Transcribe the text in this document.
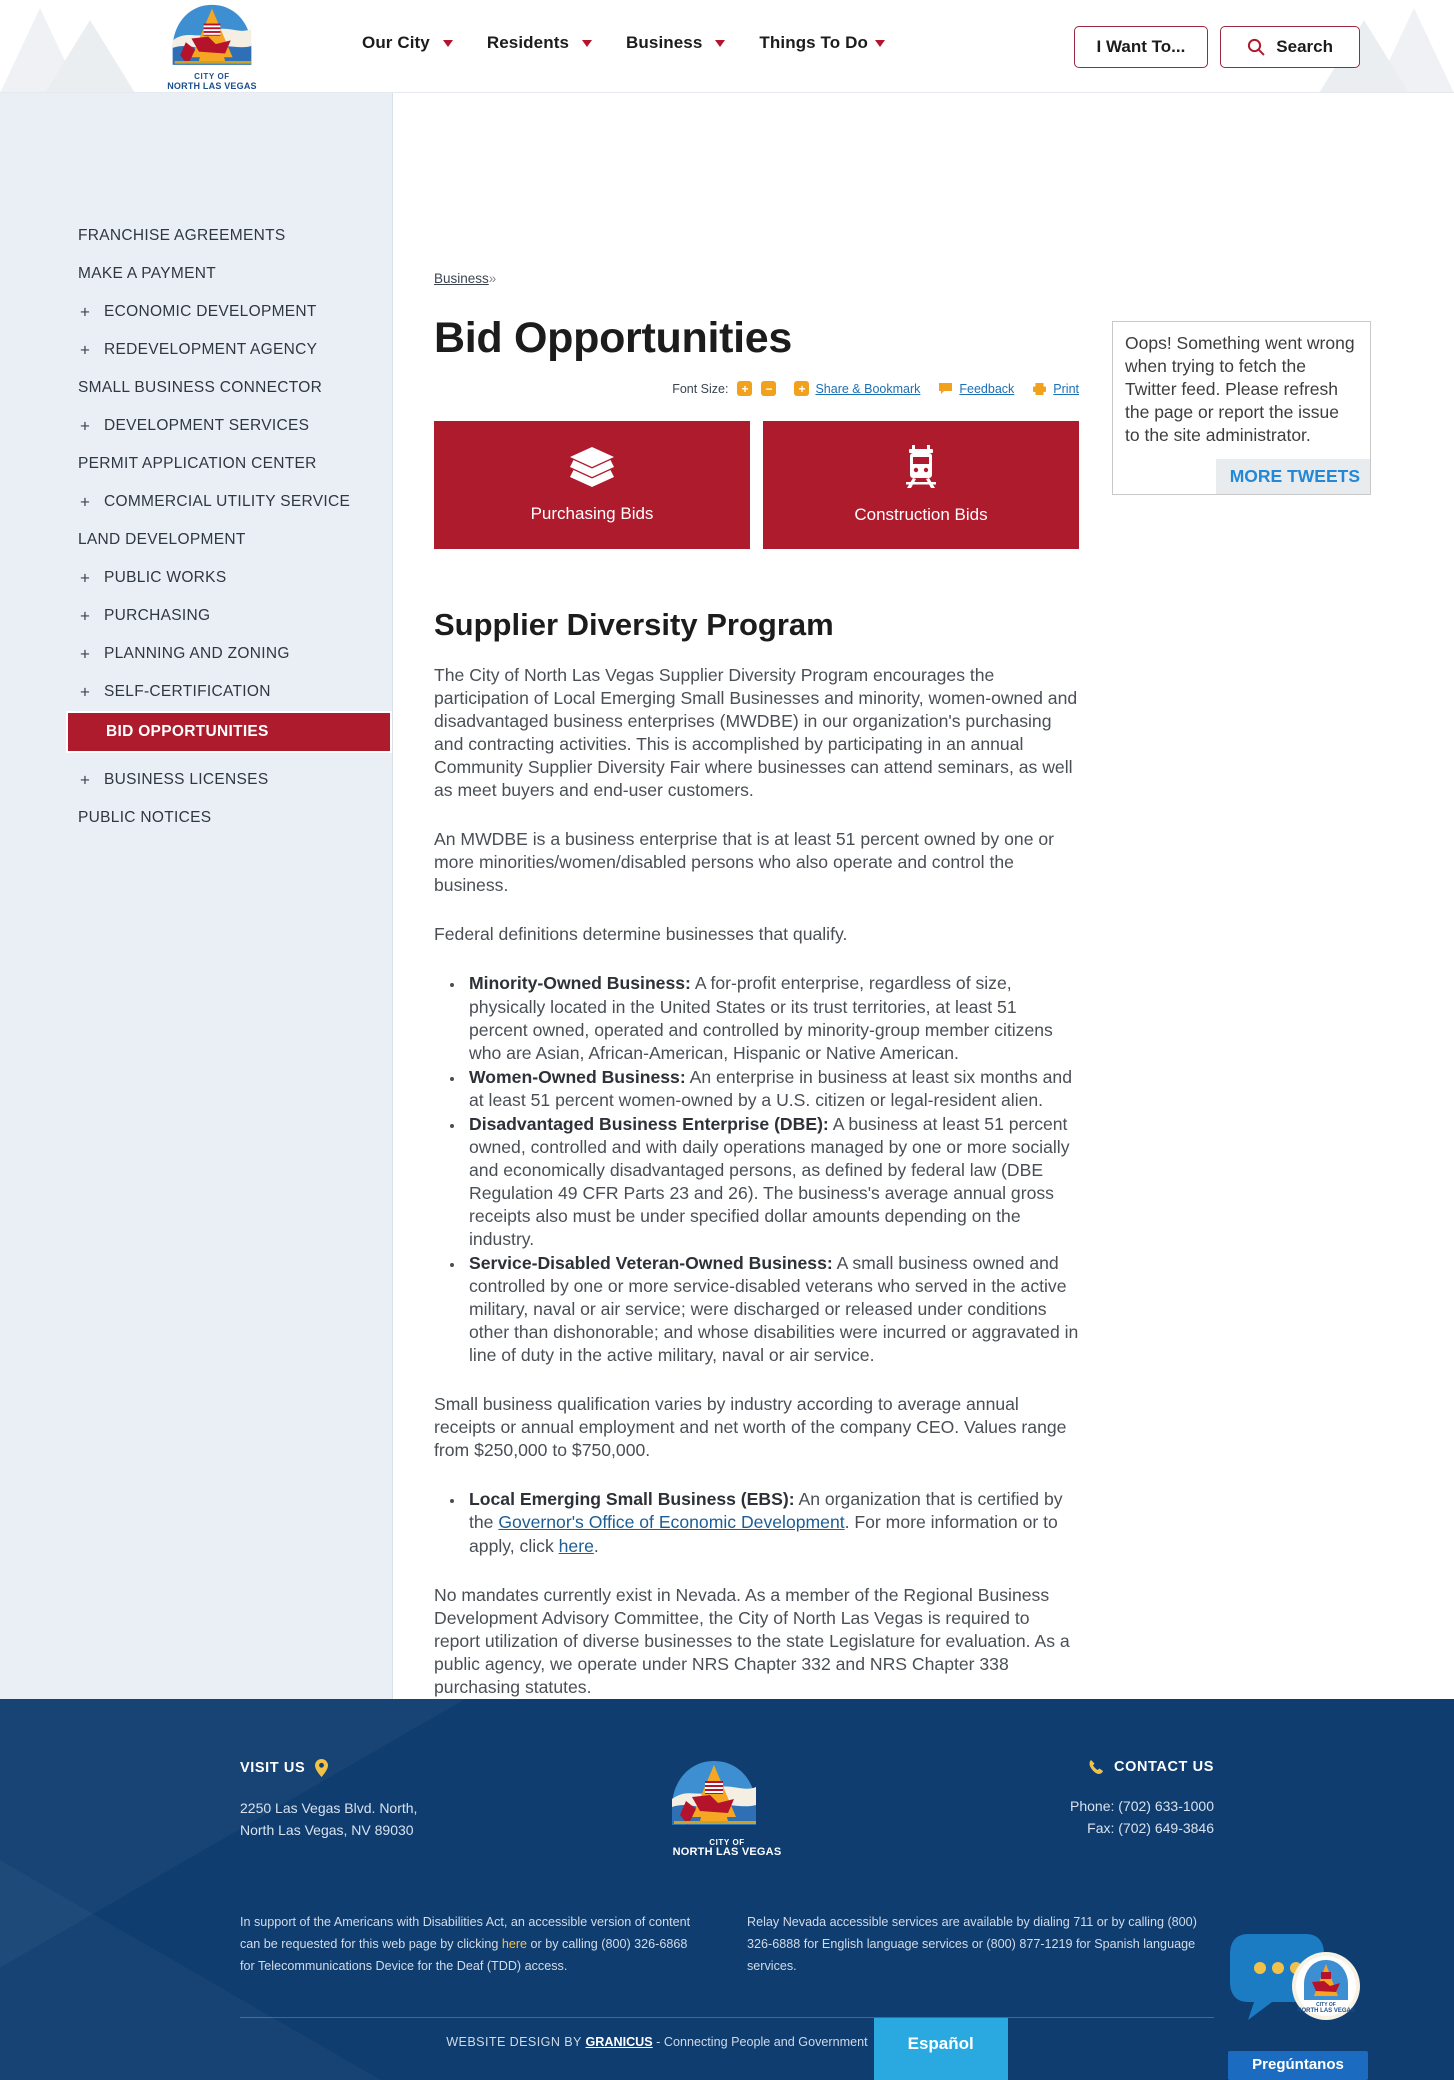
CITY OF
NORTH LAS VEGAS
Our City	Residents	Business	Things To Do	I Want To...	Search
FRANCHISE AGREEMENTS
MAKE A PAYMENT
+ ECONOMIC DEVELOPMENT
+ REDEVELOPMENT AGENCY
SMALL BUSINESS CONNECTOR
+ DEVELOPMENT SERVICES
PERMIT APPLICATION CENTER
+ COMMERCIAL UTILITY SERVICE
LAND DEVELOPMENT
+ PUBLIC WORKS
+ PURCHASING
+ PLANNING AND ZONING
+ SELF-CERTIFICATION
BID OPPORTUNITIES
+ BUSINESS LICENSES
PUBLIC NOTICES
Business»
Bid Opportunities
Font Size:	+	−	+ Share & Bookmark	Feedback	Print
Purchasing Bids	Construction Bids
Supplier Diversity Program

The City of North Las Vegas Supplier Diversity Program encourages the participation of Local Emerging Small Businesses and minority, women-owned and disadvantaged business enterprises (MWDBE) in our organization's purchasing and contracting activities. This is accomplished by participating in an annual Community Supplier Diversity Fair where businesses can attend seminars, as well as meet buyers and end-user customers.

An MWDBE is a business enterprise that is at least 51 percent owned by one or more minorities/women/disabled persons who also operate and control the business.

Federal definitions determine businesses that qualify.

• Minority-Owned Business: A for-profit enterprise, regardless of size, physically located in the United States or its trust territories, at least 51 percent owned, operated and controlled by minority-group member citizens who are Asian, African-American, Hispanic or Native American.
• Women-Owned Business: An enterprise in business at least six months and at least 51 percent women-owned by a U.S. citizen or legal-resident alien.
• Disadvantaged Business Enterprise (DBE): A business at least 51 percent owned, controlled and with daily operations managed by one or more socially and economically disadvantaged persons, as defined by federal law (DBE Regulation 49 CFR Parts 23 and 26). The business's average annual gross receipts also must be under specified dollar amounts depending on the industry.
• Service-Disabled Veteran-Owned Business: A small business owned and controlled by one or more service-disabled veterans who served in the active military, naval or air service; were discharged or released under conditions other than dishonorable; and whose disabilities were incurred or aggravated in line of duty in the active military, naval or air service.

Small business qualification varies by industry according to average annual receipts or annual employment and net worth of the company CEO. Values range from $250,000 to $750,000.

• Local Emerging Small Business (EBS): An organization that is certified by the Governor's Office of Economic Development. For more information or to apply, click here.

No mandates currently exist in Nevada. As a member of the Regional Business Development Advisory Committee, the City of North Las Vegas is required to report utilization of diverse businesses to the state Legislature for evaluation. As a public agency, we operate under NRS Chapter 332 and NRS Chapter 338 purchasing statutes.

Oops! Something went wrong when trying to fetch the Twitter feed. Please refresh the page or report the issue to the site administrator.
MORE TWEETS
VISIT US
2250 Las Vegas Blvd. North,
North Las Vegas, NV 89030
CITY OF
NORTH LAS VEGAS
CONTACT US
Phone: (702) 633-1000
Fax: (702) 649-3846
In support of the Americans with Disabilities Act, an accessible version of content can be requested for this web page by clicking here or by calling (800) 326-6868 for Telecommunications Device for the Deaf (TDD) access.
Relay Nevada accessible services are available by dialing 711 or by calling (800) 326-6888 for English language services or (800) 877-1219 for Spanish language services.
WEBSITE DESIGN BY GRANICUS - Connecting People and Government	Español
CITY OF
NORTH LAS VEGAS
Pregúntanos
